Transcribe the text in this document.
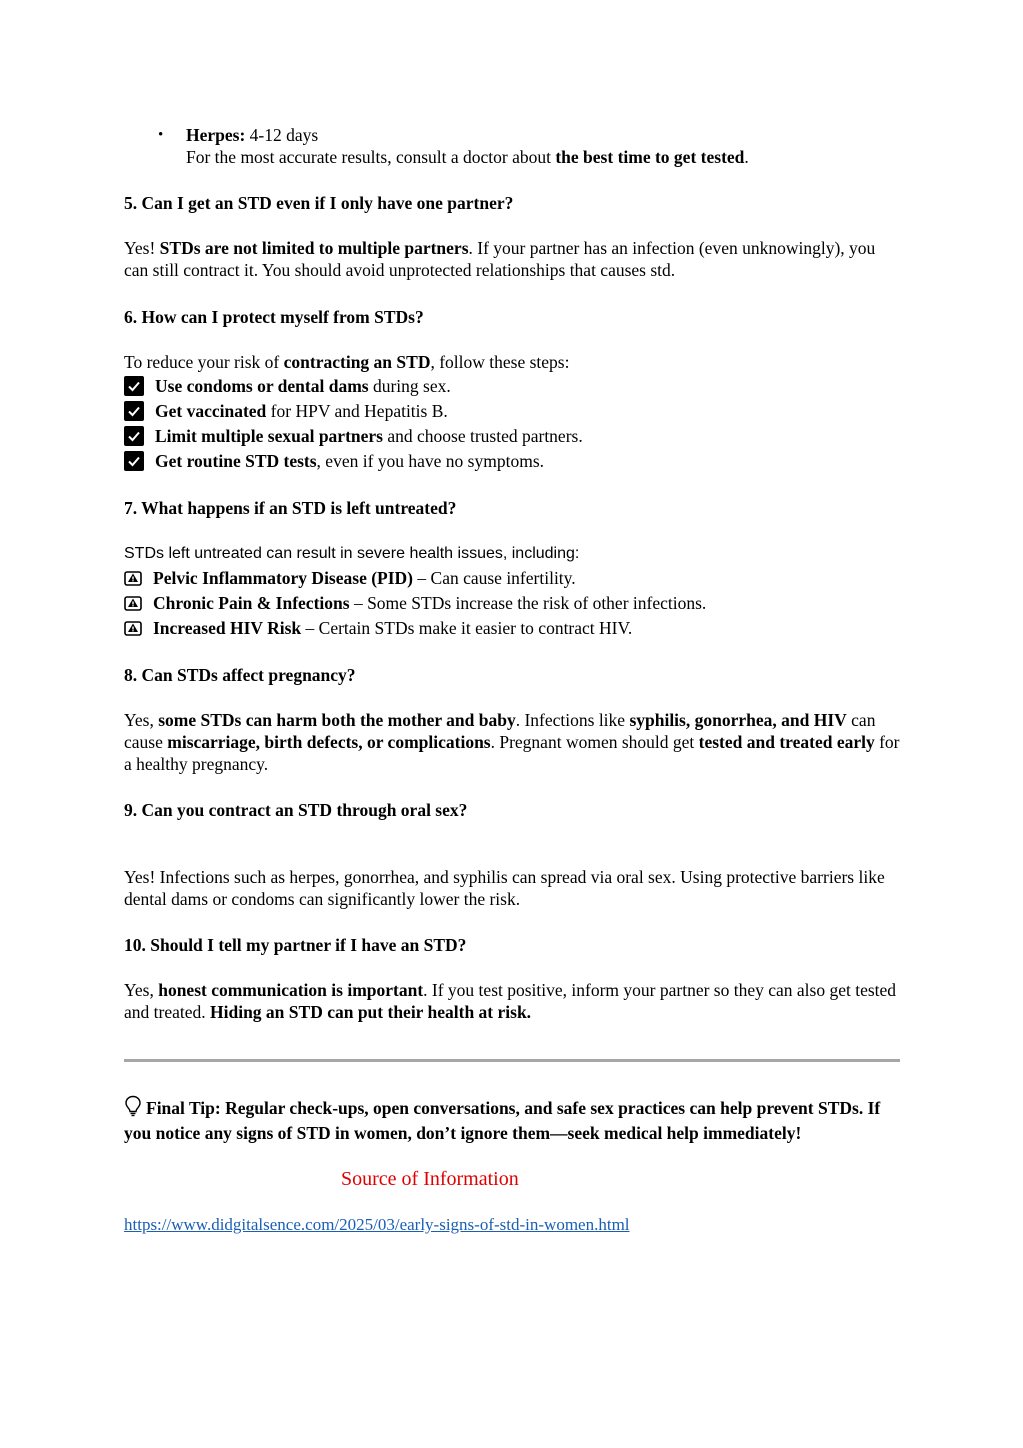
• Herpes: 4-12 days
For the most accurate results, consult a doctor about the best time to get tested.
5. Can I get an STD even if I only have one partner?
Yes! STDs are not limited to multiple partners. If your partner has an infection (even unknowingly), you can still contract it. You should avoid unprotected relationships that causes std.
6. How can I protect myself from STDs?
To reduce your risk of contracting an STD, follow these steps:
Use condoms or dental dams during sex.
Get vaccinated for HPV and Hepatitis B.
Limit multiple sexual partners and choose trusted partners.
Get routine STD tests, even if you have no symptoms.
7. What happens if an STD is left untreated?
STDs left untreated can result in severe health issues, including:
Pelvic Inflammatory Disease (PID) – Can cause infertility.
Chronic Pain & Infections – Some STDs increase the risk of other infections.
Increased HIV Risk – Certain STDs make it easier to contract HIV.
8. Can STDs affect pregnancy?
Yes, some STDs can harm both the mother and baby. Infections like syphilis, gonorrhea, and HIV can cause miscarriage, birth defects, or complications. Pregnant women should get tested and treated early for a healthy pregnancy.
9. Can you contract an STD through oral sex?
Yes! Infections such as herpes, gonorrhea, and syphilis can spread via oral sex. Using protective barriers like dental dams or condoms can significantly lower the risk.
10. Should I tell my partner if I have an STD?
Yes, honest communication is important. If you test positive, inform your partner so they can also get tested and treated. Hiding an STD can put their health at risk.
Final Tip: Regular check-ups, open conversations, and safe sex practices can help prevent STDs. If you notice any signs of STD in women, don’t ignore them—seek medical help immediately!
Source of Information
https://www.didgitalsence.com/2025/03/early-signs-of-std-in-women.html
